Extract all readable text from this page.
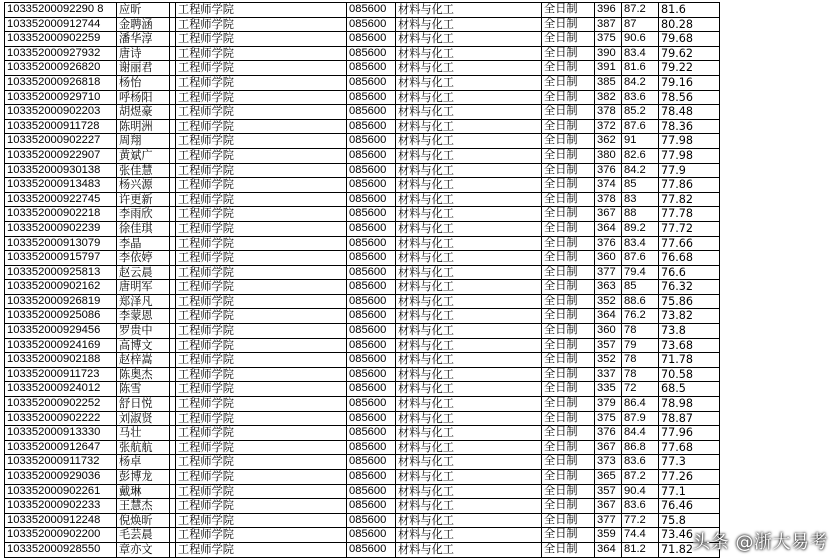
10335200092290 8	应昕		工程师学院	085600	材料与化工	全日制	396	87.2	81.6
103352000912744	金聘涵		工程师学院	085600	材料与化工	全日制	387	87	80.28
103352000902259	潘华淳		工程师学院	085600	材料与化工	全日制	375	90.6	79.68
103352000927932	唐诗		工程师学院	085600	材料与化工	全日制	390	83.4	79.62
103352000926820	谢丽君		工程师学院	085600	材料与化工	全日制	391	81.6	79.22
103352000926818	杨怡		工程师学院	085600	材料与化工	全日制	385	84.2	79.16
103352000929710	呼杨阳		工程师学院	085600	材料与化工	全日制	382	83.6	78.56
103352000902203	胡煜豪		工程师学院	085600	材料与化工	全日制	378	85.2	78.48
103352000911728	陈明洲		工程师学院	085600	材料与化工	全日制	372	87.6	78.36
103352000902227	周翔		工程师学院	085600	材料与化工	全日制	362	91	77.98
103352000922907	黄斌广		工程师学院	085600	材料与化工	全日制	380	82.6	77.98
103352000930138	张佳慧		工程师学院	085600	材料与化工	全日制	376	84.2	77.9
103352000913483	杨兴源		工程师学院	085600	材料与化工	全日制	374	85	77.86
103352000922745	许更新		工程师学院	085600	材料与化工	全日制	378	83	77.82
103352000902218	李雨欣		工程师学院	085600	材料与化工	全日制	367	88	77.78
103352000902239	徐佳琪		工程师学院	085600	材料与化工	全日制	364	89.2	77.72
103352000913079	李晶		工程师学院	085600	材料与化工	全日制	376	83.4	77.66
103352000915797	李依婷		工程师学院	085600	材料与化工	全日制	360	87.6	76.68
103352000925813	赵云晨		工程师学院	085600	材料与化工	全日制	377	79.4	76.6
103352000902162	唐明军		工程师学院	085600	材料与化工	全日制	363	85	76.32
103352000926819	郑泽凡		工程师学院	085600	材料与化工	全日制	352	88.6	75.86
103352000925086	李蒙恩		工程师学院	085600	材料与化工	全日制	364	76.2	73.82
103352000929456	罗贵中		工程师学院	085600	材料与化工	全日制	360	78	73.8
103352000924169	高博文		工程师学院	085600	材料与化工	全日制	357	79	73.68
103352000902188	赵梓嵩		工程师学院	085600	材料与化工	全日制	352	78	71.78
103352000911723	陈奥杰		工程师学院	085600	材料与化工	全日制	337	78	70.58
103352000924012	陈雪		工程师学院	085600	材料与化工	全日制	335	72	68.5
103352000902252	舒日悦		工程师学院	085600	材料与化工	全日制	379	86.4	78.98
103352000902222	刘淑贤		工程师学院	085600	材料与化工	全日制	375	87.9	78.87
103352000913330	马壮		工程师学院	085600	材料与化工	全日制	376	84.4	77.96
103352000912647	张航航		工程师学院	085600	材料与化工	全日制	367	86.8	77.68
103352000911732	杨卓		工程师学院	085600	材料与化工	全日制	373	83.6	77.3
103352000929036	彭博龙		工程师学院	085600	材料与化工	全日制	365	87.2	77.26
103352000902261	戴琳		工程师学院	085600	材料与化工	全日制	357	90.4	77.1
103352000902233	王慧杰		工程师学院	085600	材料与化工	全日制	367	83.6	76.46
103352000912248	倪焕昕		工程师学院	085600	材料与化工	全日制	377	77.2	75.8
103352000902200	毛芸晨		工程师学院	085600	材料与化工	全日制	359	74.4	73.46
103352000928550	章亦文		工程师学院	085600	材料与化工	全日制	364	81.2	71.82 头条 @浙大易考
